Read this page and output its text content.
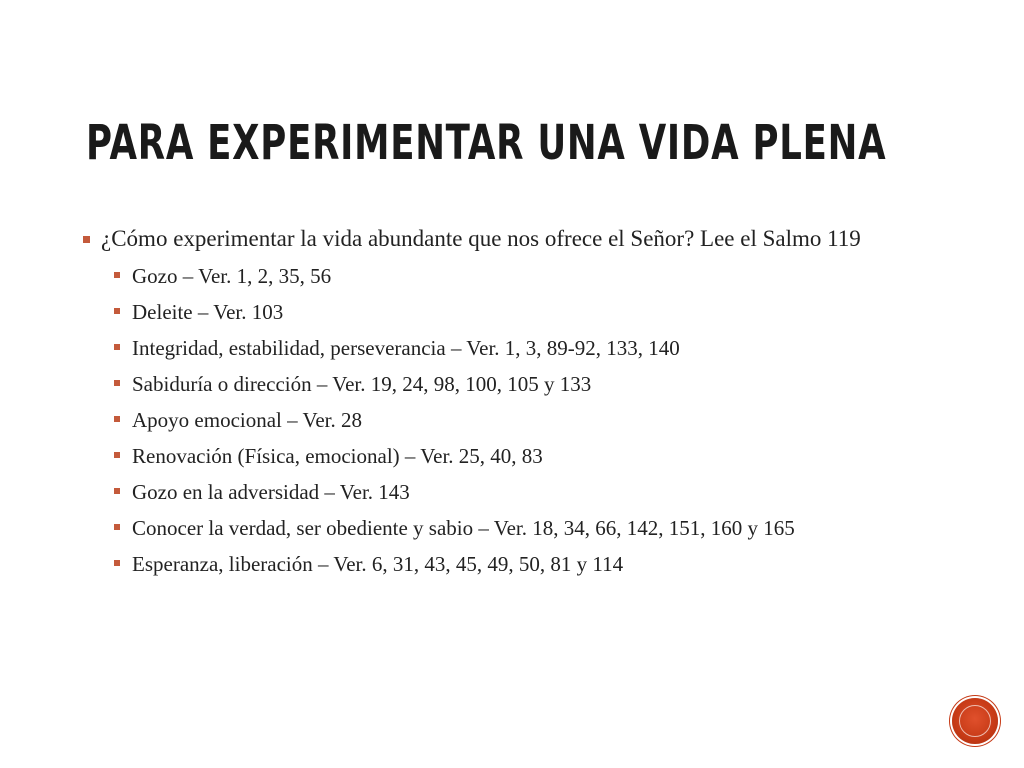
PARA EXPERIMENTAR UNA VIDA PLENA
¿Cómo experimentar la vida abundante que nos ofrece el Señor? Lee el Salmo 119
Gozo – Ver. 1, 2, 35, 56
Deleite – Ver. 103
Integridad, estabilidad, perseverancia – Ver. 1, 3, 89-92, 133, 140
Sabiduría o dirección – Ver. 19, 24, 98, 100, 105 y 133
Apoyo emocional – Ver. 28
Renovación (Física, emocional) – Ver. 25, 40, 83
Gozo en la adversidad – Ver. 143
Conocer la verdad, ser obediente y sabio – Ver. 18, 34, 66, 142, 151, 160 y 165
Esperanza, liberación – Ver. 6, 31, 43, 45, 49, 50, 81 y 114
